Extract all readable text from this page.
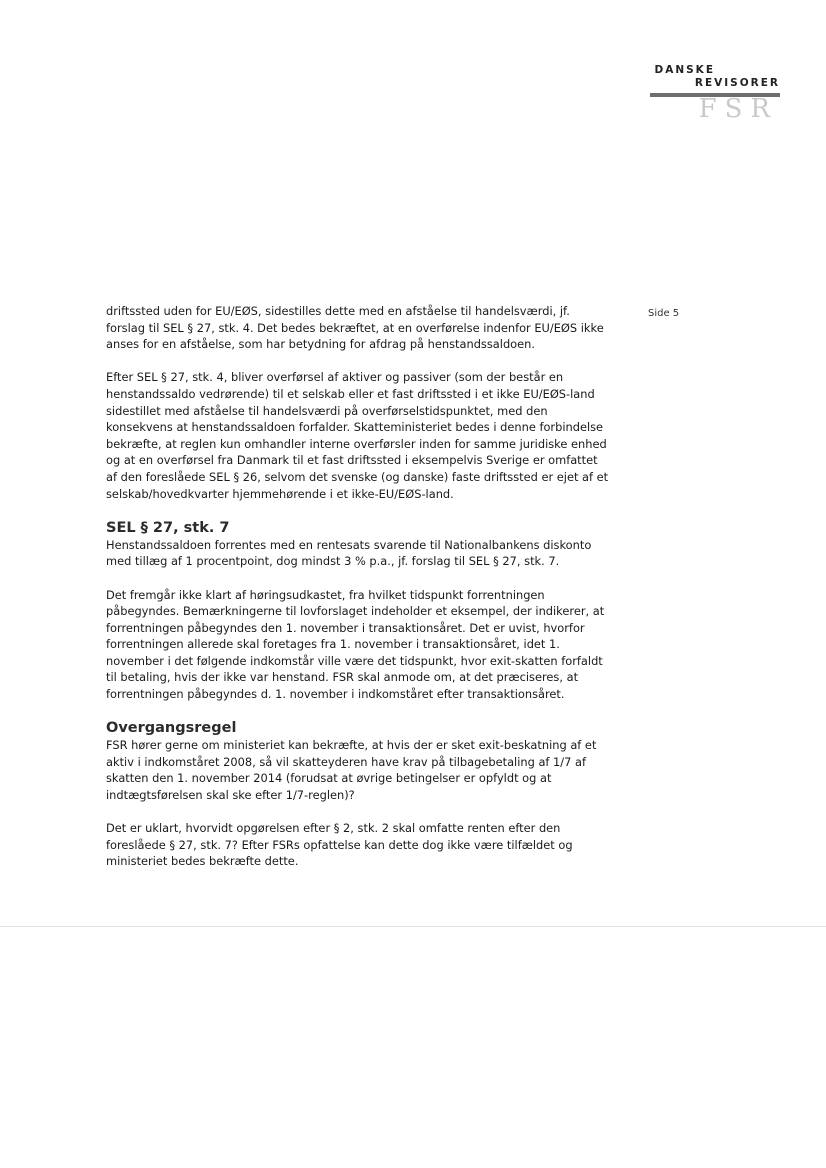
DANSKE
REVISORER
FSR
Side 5

driftssted uden for EU/EØS, sidestilles dette med en afståelse til handelsværdi, jf. forslag til SEL § 27, stk. 4. Det bedes bekræftet, at en overførelse indenfor EU/EØS ikke anses for en afståelse, som har betydning for afdrag på henstandssaldoen.

Efter SEL § 27, stk. 4, bliver overførsel af aktiver og passiver (som der består en henstandssaldo vedrørende) til et selskab eller et fast driftssted i et ikke EU/EØS-land sidestillet med afståelse til handelsværdi på overførselstidspunktet, med den konsekvens at henstandssaldoen forfalder. Skatteministeriet bedes i denne forbindelse bekræfte, at reglen kun omhandler interne overførsler inden for samme juridiske enhed og at en overførsel fra Danmark til et fast driftssted i eksempelvis Sverige er omfattet af den foreslåede SEL § 26, selvom det svenske (og danske) faste driftssted er ejet af et selskab/hovedkvarter hjemmehørende i et ikke-EU/EØS-land.

SEL § 27, stk. 7

Henstandssaldoen forrentes med en rentesats svarende til Nationalbankens diskonto med tillæg af 1 procentpoint, dog mindst 3 % p.a., jf. forslag til SEL § 27, stk. 7.

Det fremgår ikke klart af høringsudkastet, fra hvilket tidspunkt forrentningen påbegyndes. Bemærkningerne til lovforslaget indeholder et eksempel, der indikerer, at forrentningen påbegyndes den 1. november i transaktionsåret. Det er uvist, hvorfor forrentningen allerede skal foretages fra 1. november i transaktionsåret, idet 1. november i det følgende indkomstår ville være det tidspunkt, hvor exit-skatten forfaldt til betaling, hvis der ikke var henstand. FSR skal anmode om, at det præciseres, at forrentningen påbegyndes d. 1. november i indkomståret efter transaktionsåret.

Overgangsregel

FSR hører gerne om ministeriet kan bekræfte, at hvis der er sket exit-beskatning af et aktiv i indkomståret 2008, så vil skatteyderen have krav på tilbagebetaling af 1/7 af skatten den 1. november 2014 (forudsat at øvrige betingelser er opfyldt og at indtægtsførelsen skal ske efter 1/7-reglen)?

Det er uklart, hvorvidt opgørelsen efter § 2, stk. 2 skal omfatte renten efter den foreslåede § 27, stk. 7? Efter FSRs opfattelse kan dette dog ikke være tilfældet og ministeriet bedes bekræfte dette.
